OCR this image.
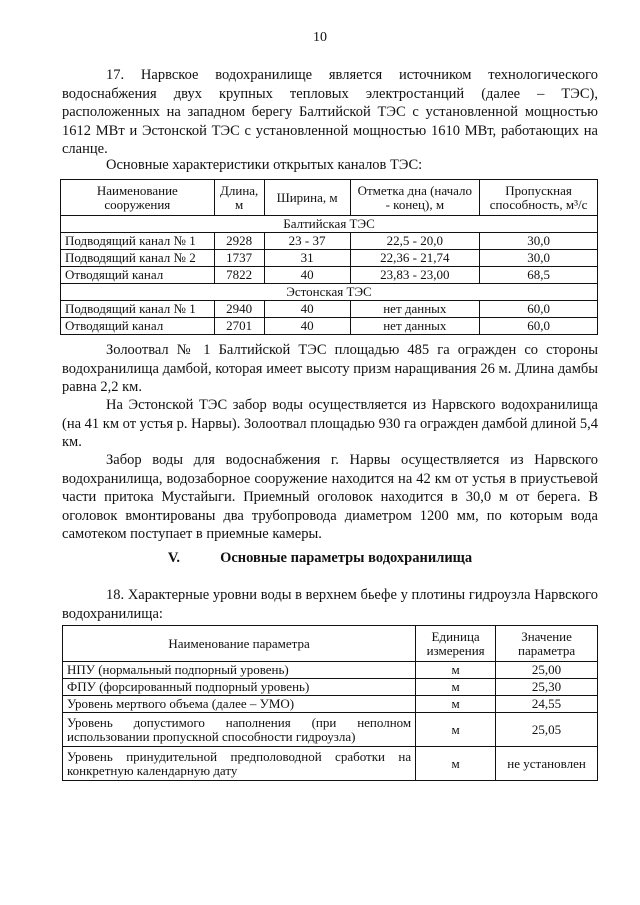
10

17. Нарвское водохранилище является источником технологического водоснабжения двух крупных тепловых электростанций (далее – ТЭС), расположенных на западном берегу Балтийской ТЭС с установленной мощностью 1612 МВт и Эстонской ТЭС с установленной мощностью 1610 МВт, работающих на сланце.

Основные характеристики открытых каналов ТЭС:

Наименование сооружения	Длина, м	Ширина, м	Отметка дна (начало - конец), м	Пропускная способность, м³/с
Балтийская ТЭС				
Подводящий канал № 1	2928	23 - 37	22,5 - 20,0	30,0
Подводящий канал № 2	1737	31	22,36 - 21,74	30,0
Отводящий канал	7822	40	23,83 - 23,00	68,5
Эстонская ТЭС				
Подводящий канал № 1	2940	40	нет данных	60,0
Отводящий канал	2701	40	нет данных	60,0

Золоотвал № 1 Балтийской ТЭС площадью 485 га огражден со стороны водохранилища дамбой, которая имеет высоту призм наращивания 26 м. Длина дамбы равна 2,2 км.

На Эстонской ТЭС забор воды осуществляется из Нарвского водохранилища (на 41 км от устья р. Нарвы). Золоотвал площадью 930 га огражден дамбой длиной 5,4 км.

Забор воды для водоснабжения г. Нарвы осуществляется из Нарвского водохранилища, водозаборное сооружение находится на 42 км от устья в приустьевой части притока Мустайыги. Приемный оголовок находится в 30,0 м от берега. В оголовок вмонтированы два трубопровода диаметром 1200 мм, по которым вода самотеком поступает в приемные камеры.

V.	Основные параметры водохранилища

18. Характерные уровни воды в верхнем бьефе у плотины гидроузла Нарвского водохранилища:

Наименование параметра	Единица измерения	Значение параметра
НПУ (нормальный подпорный уровень)	м	25,00
ФПУ (форсированный подпорный уровень)	м	25,30
Уровень мертвого объема (далее – УМО)	м	24,55
Уровень допустимого наполнения (при неполном использовании пропускной способности гидроузла)	м	25,05
Уровень принудительной предполоводной сработки на конкретную календарную дату	м	не установлен
